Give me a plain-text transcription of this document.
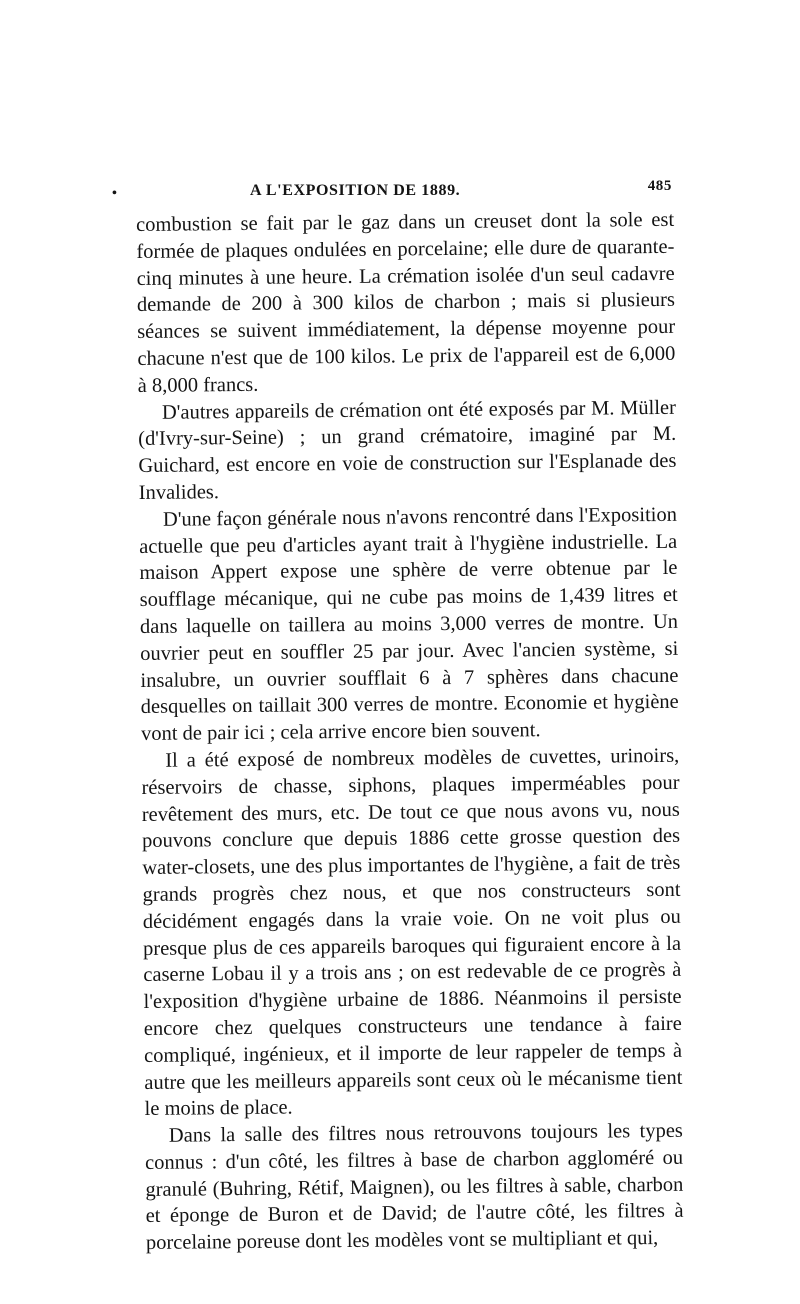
•	A L'EXPOSITION DE 1889.	485

combustion se fait par le gaz dans un creuset dont la sole est formée de plaques ondulées en porcelaine; elle dure de quarante-cinq minutes à une heure. La crémation isolée d'un seul cadavre demande de 200 à 300 kilos de charbon ; mais si plusieurs séances se suivent immédiatement, la dépense moyenne pour chacune n'est que de 100 kilos. Le prix de l'appareil est de 6,000 à 8,000 francs.

D'autres appareils de crémation ont été exposés par M. Müller (d'Ivry-sur-Seine) ; un grand crématoire, imaginé par M. Guichard, est encore en voie de construction sur l'Esplanade des Invalides.

D'une façon générale nous n'avons rencontré dans l'Exposition actuelle que peu d'articles ayant trait à l'hygiène industrielle. La maison Appert expose une sphère de verre obtenue par le soufflage mécanique, qui ne cube pas moins de 1,439 litres et dans laquelle on taillera au moins 3,000 verres de montre. Un ouvrier peut en souffler 25 par jour. Avec l'ancien système, si insalubre, un ouvrier soufflait 6 à 7 sphères dans chacune desquelles on taillait 300 verres de montre. Economie et hygiène vont de pair ici ; cela arrive encore bien souvent.

Il a été exposé de nombreux modèles de cuvettes, urinoirs, réservoirs de chasse, siphons, plaques imperméables pour revêtement des murs, etc. De tout ce que nous avons vu, nous pouvons conclure que depuis 1886 cette grosse question des water-closets, une des plus importantes de l'hygiène, a fait de très grands progrès chez nous, et que nos constructeurs sont décidément engagés dans la vraie voie. On ne voit plus ou presque plus de ces appareils baroques qui figuraient encore à la caserne Lobau il y a trois ans ; on est redevable de ce progrès à l'exposition d'hygiène urbaine de 1886. Néanmoins il persiste encore chez quelques constructeurs une tendance à faire compliqué, ingénieux, et il importe de leur rappeler de temps à autre que les meilleurs appareils sont ceux où le mécanisme tient le moins de place.

Dans la salle des filtres nous retrouvons toujours les types connus : d'un côté, les filtres à base de charbon aggloméré ou granulé (Buhring, Rétif, Maignen), ou les filtres à sable, charbon et éponge de Buron et de David; de l'autre côté, les filtres à porcelaine poreuse dont les modèles vont se multipliant et qui,
